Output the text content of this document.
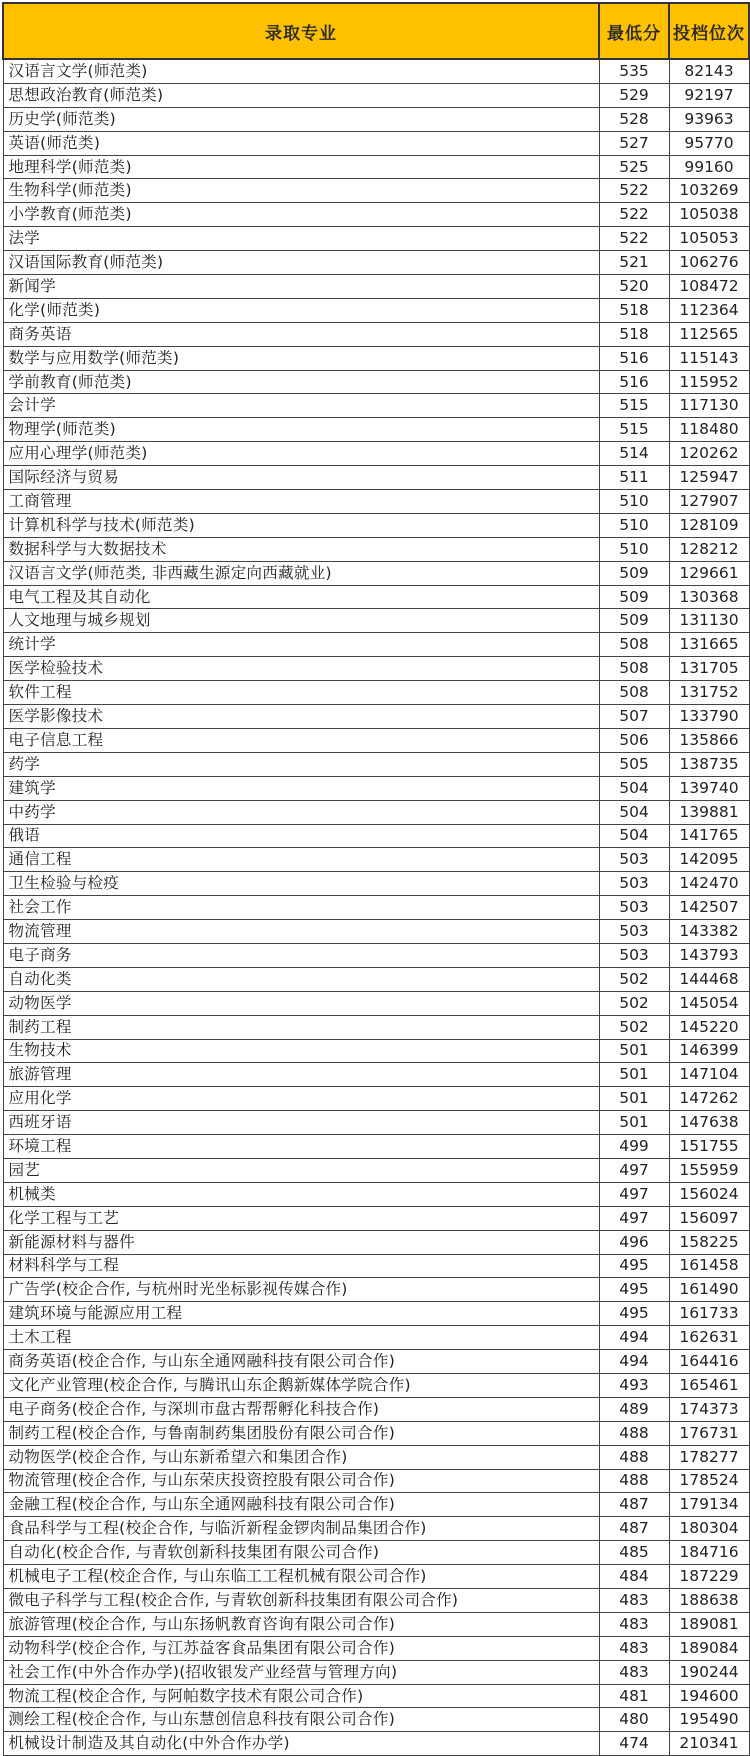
录取专业	最低分	投档位次
汉语言文学(师范类)	535	82143
思想政治教育(师范类)	529	92197
历史学(师范类)	528	93963
英语(师范类)	527	95770
地理科学(师范类)	525	99160
生物科学(师范类)	522	103269
小学教育(师范类)	522	105038
法学	522	105053
汉语国际教育(师范类)	521	106276
新闻学	520	108472
化学(师范类)	518	112364
商务英语	518	112565
数学与应用数学(师范类)	516	115143
学前教育(师范类)	516	115952
会计学	515	117130
物理学(师范类)	515	118480
应用心理学(师范类)	514	120262
国际经济与贸易	511	125947
工商管理	510	127907
计算机科学与技术(师范类)	510	128109
数据科学与大数据技术	510	128212
汉语言文学(师范类, 非西藏生源定向西藏就业)	509	129661
电气工程及其自动化	509	130368
人文地理与城乡规划	509	131130
统计学	508	131665
医学检验技术	508	131705
软件工程	508	131752
医学影像技术	507	133790
电子信息工程	506	135866
药学	505	138735
建筑学	504	139740
中药学	504	139881
俄语	504	141765
通信工程	503	142095
卫生检验与检疫	503	142470
社会工作	503	142507
物流管理	503	143382
电子商务	503	143793
自动化类	502	144468
动物医学	502	145054
制药工程	502	145220
生物技术	501	146399
旅游管理	501	147104
应用化学	501	147262
西班牙语	501	147638
环境工程	499	151755
园艺	497	155959
机械类	497	156024
化学工程与工艺	497	156097
新能源材料与器件	496	158225
材料科学与工程	495	161458
广告学(校企合作, 与杭州时光坐标影视传媒合作)	495	161490
建筑环境与能源应用工程	495	161733
土木工程	494	162631
商务英语(校企合作, 与山东全通网融科技有限公司合作)	494	164416
文化产业管理(校企合作, 与腾讯山东企鹅新媒体学院合作)	493	165461
电子商务(校企合作, 与深圳市盘古帮帮孵化科技合作)	489	174373
制药工程(校企合作, 与鲁南制药集团股份有限公司合作)	488	176731
动物医学(校企合作, 与山东新希望六和集团合作)	488	178277
物流管理(校企合作, 与山东荣庆投资控股有限公司合作)	488	178524
金融工程(校企合作, 与山东全通网融科技有限公司合作)	487	179134
食品科学与工程(校企合作, 与临沂新程金锣肉制品集团合作)	487	180304
自动化(校企合作, 与青软创新科技集团有限公司合作)	485	184716
机械电子工程(校企合作, 与山东临工工程机械有限公司合作)	484	187229
微电子科学与工程(校企合作, 与青软创新科技集团有限公司合作)	483	188638
旅游管理(校企合作, 与山东扬帆教育咨询有限公司合作)	483	189081
动物科学(校企合作, 与江苏益客食品集团有限公司合作)	483	189084
社会工作(中外合作办学)(招收银发产业经营与管理方向)	483	190244
物流工程(校企合作, 与阿帕数字技术有限公司合作)	481	194600
测绘工程(校企合作, 与山东慧创信息科技有限公司合作)	480	195490
机械设计制造及其自动化(中外合作办学)	474	210341
